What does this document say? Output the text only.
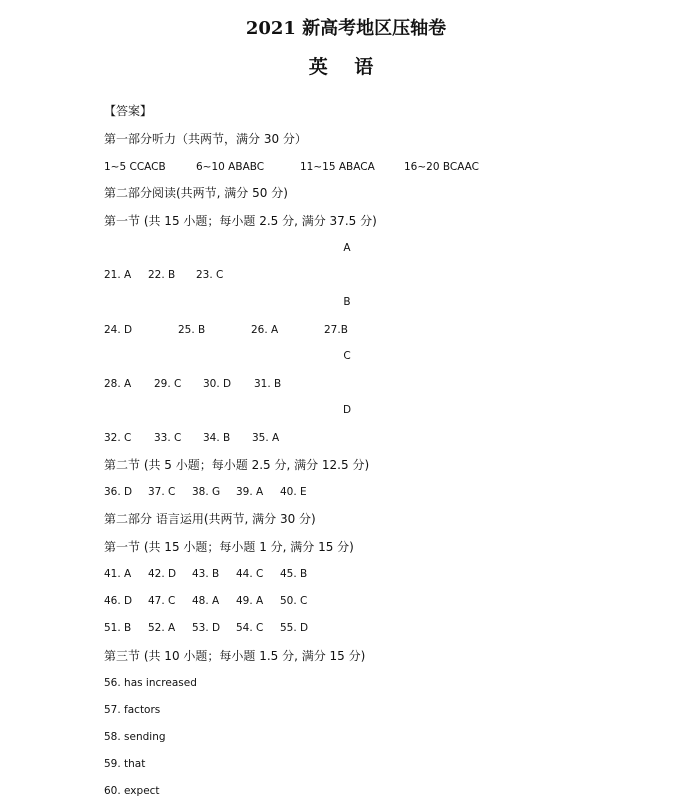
2021 新高考地区压轴卷
英 语
【答案】
第一部分听力（共两节，满分 30 分）
1~5 CCACB	6~10 ABABC	11~15 ABACA	16~20 BCAAC
第二部分阅读(共两节, 满分 50 分)
第一节 (共 15 小题；每小题 2.5 分, 满分 37.5 分)
A
21. A 22. B 23. C
B
24. D	25. B	26. A	27.B
C
28. A 29. C 30. D 31. B
D
32. C 33. C 34. B 35. A
第二节 (共 5 小题；每小题 2.5 分, 满分 12.5 分)
36. D 37. C 38. G 39. A 40. E
第二部分 语言运用(共两节, 满分 30 分)
第一节 (共 15 小题；每小题 1 分, 满分 15 分)
41. A 42. D 43. B 44. C 45. B
46. D 47. C 48. A 49. A 50. C
51. B 52. A 53. D 54. C 55. D
第三节 (共 10 小题；每小题 1.5 分, 满分 15 分)
56. has increased
57. factors
58. sending
59. that
60. expect
